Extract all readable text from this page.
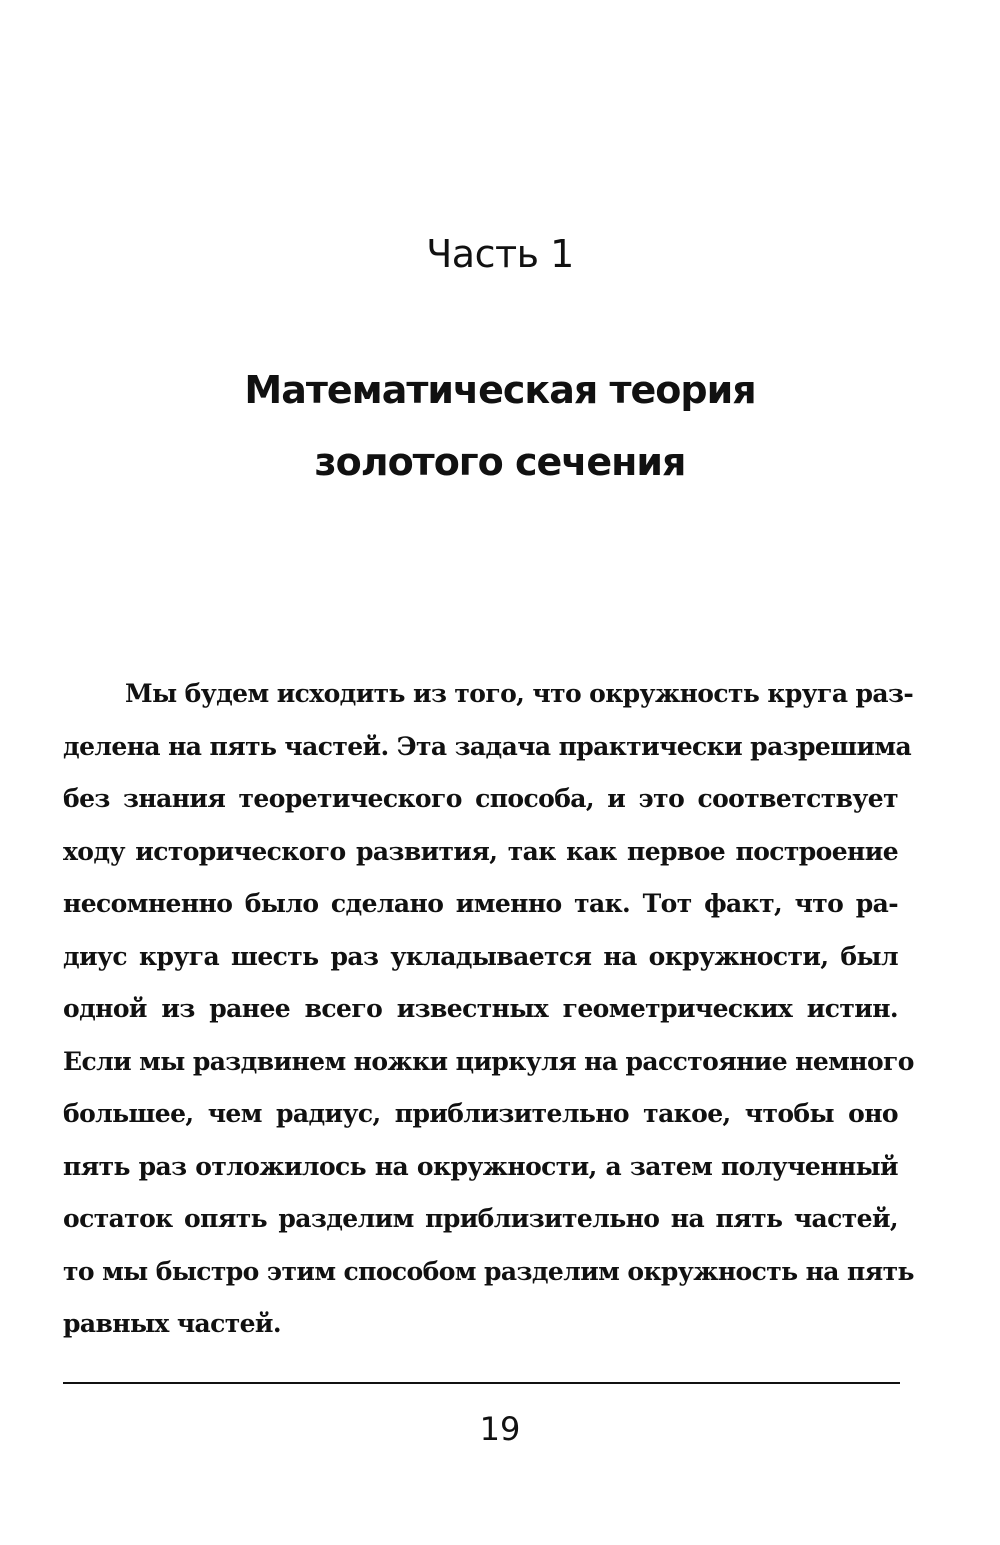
Часть 1
Математическая теория
золотого сечения
Мы будем исходить из того, что окружность круга раз-
делена на пять частей. Эта задача практически разрешима
без знания теоретического способа, и это соответствует
ходу исторического развития, так как первое построение
несомненно было сделано именно так. Тот факт, что ра-
диус круга шесть раз укладывается на окружности, был
одной из ранее всего известных геометрических истин.
Если мы раздвинем ножки циркуля на расстояние немного
большее, чем радиус, приблизительно такое, чтобы оно
пять раз отложилось на окружности, а затем полученный
остаток опять разделим приблизительно на пять частей,
то мы быстро этим способом разделим окружность на пять
равных частей.
19
